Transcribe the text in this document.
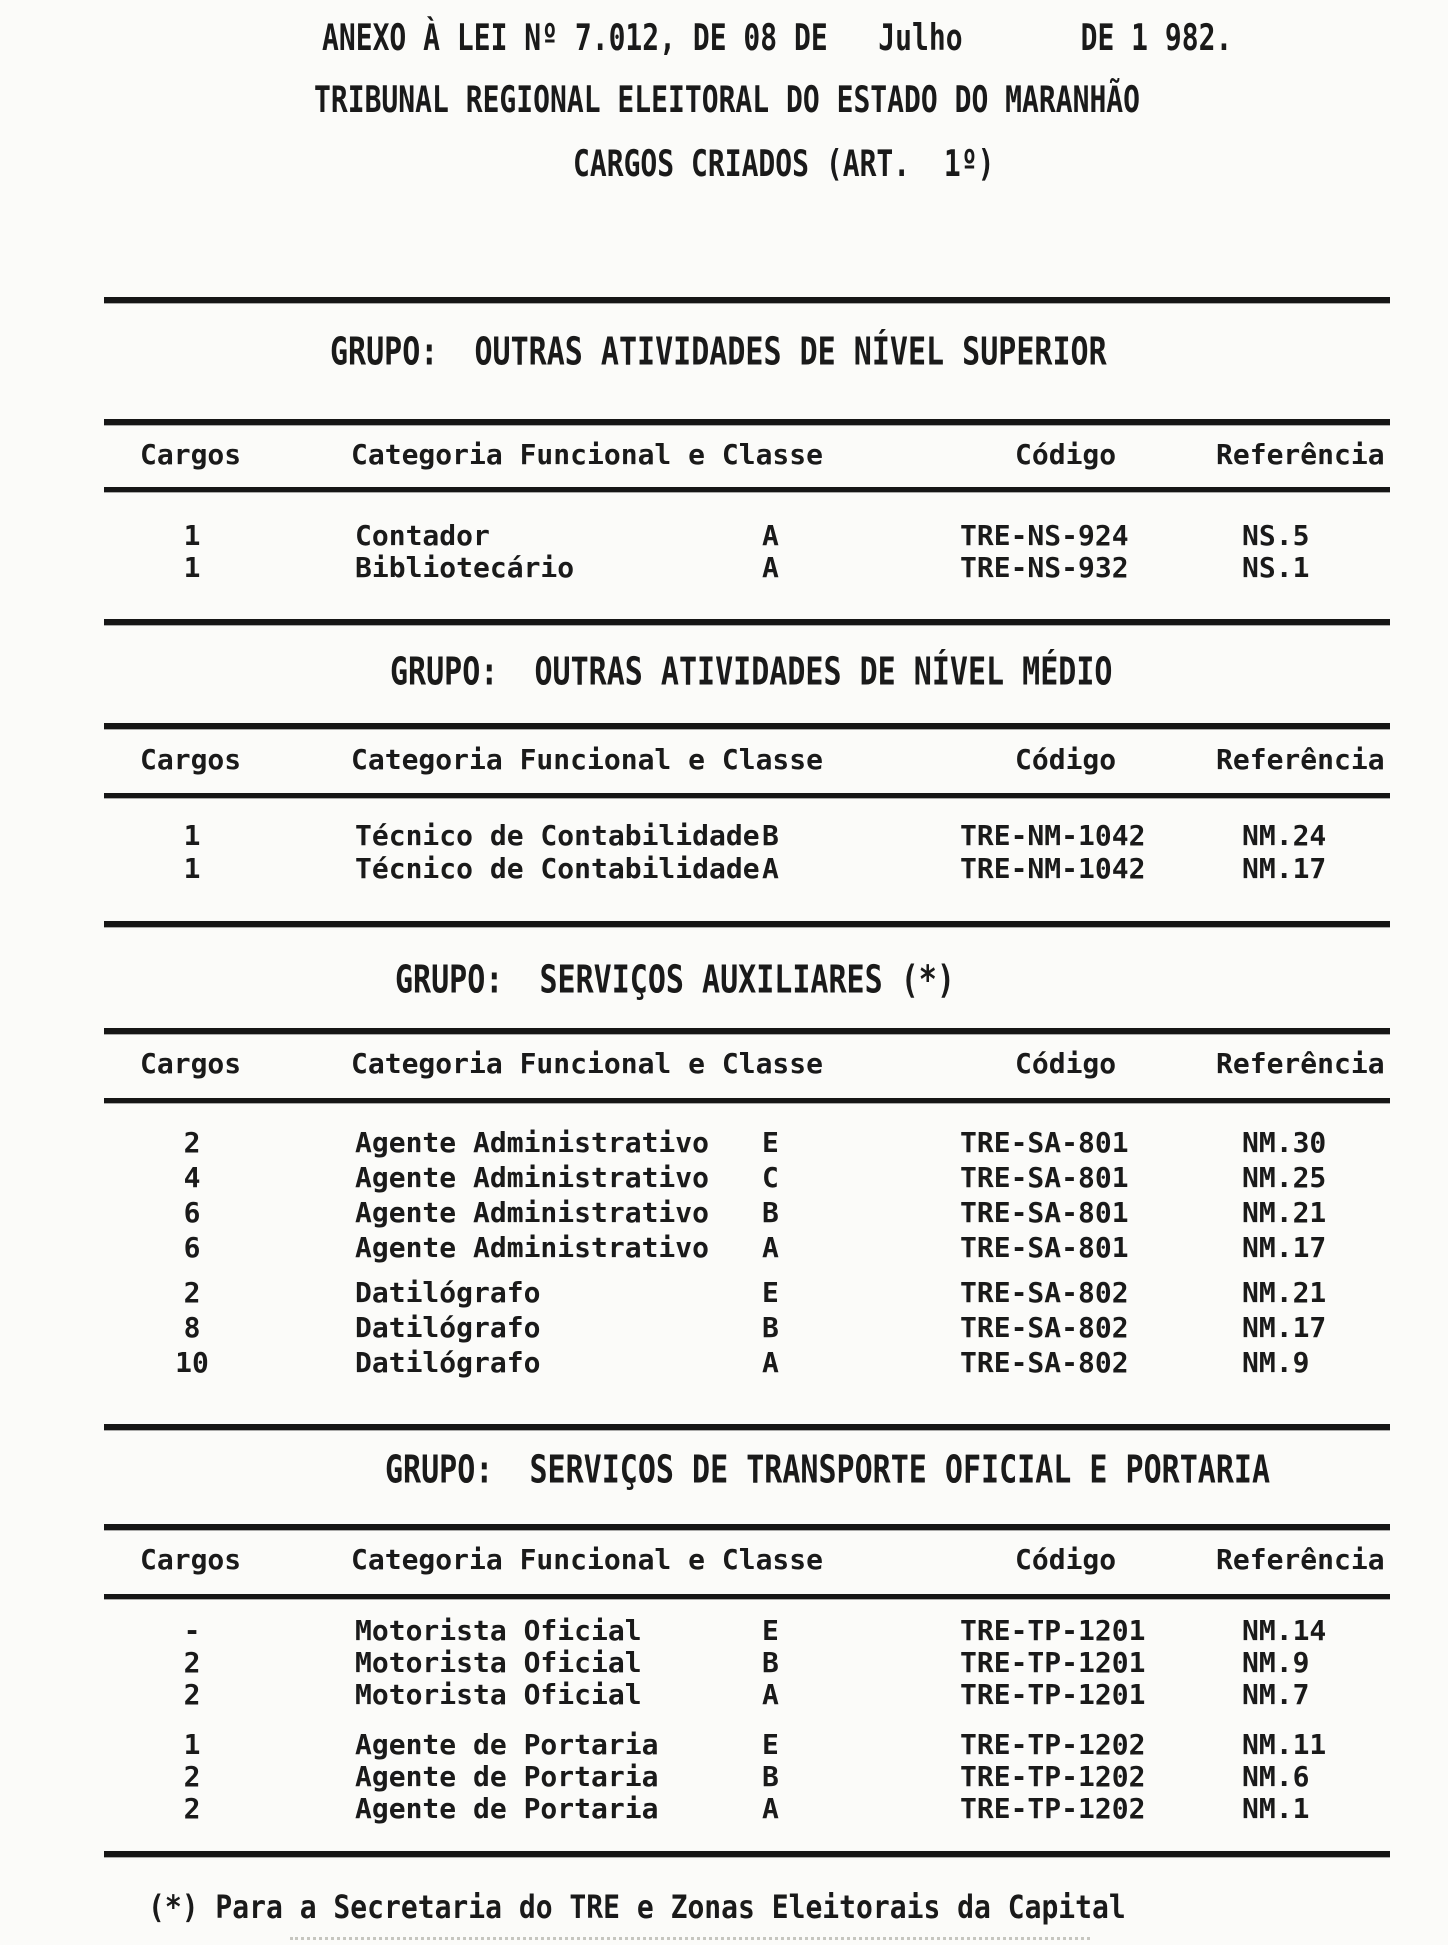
ANEXO À LEI Nº 7.012, DE 08 DE   Julho       DE 1 982.
TRIBUNAL REGIONAL ELEITORAL DO ESTADO DO MARANHÃO
CARGOS CRIADOS (ART.  1º)
GRUPO:  OUTRAS ATIVIDADES DE NÍVEL SUPERIOR
Cargos	Categoria Funcional e Classe	Código	Referência
1	Contador	A	TRE-NS-924	NS.5
1	Bibliotecário	A	TRE-NS-932	NS.1
GRUPO:  OUTRAS ATIVIDADES DE NÍVEL MÉDIO
Cargos	Categoria Funcional e Classe	Código	Referência
1	Técnico de Contabilidade B	TRE-NM-1042	NM.24
1	Técnico de Contabilidade A	TRE-NM-1042	NM.17
GRUPO:  SERVIÇOS AUXILIARES (*)
Cargos	Categoria Funcional e Classe	Código	Referência
2	Agente Administrativo	E	TRE-SA-801	NM.30
4	Agente Administrativo	C	TRE-SA-801	NM.25
6	Agente Administrativo	B	TRE-SA-801	NM.21
6	Agente Administrativo	A	TRE-SA-801	NM.17
2	Datilógrafo	E	TRE-SA-802	NM.21
8	Datilógrafo	B	TRE-SA-802	NM.17
10	Datilógrafo	A	TRE-SA-802	NM.9
GRUPO:  SERVIÇOS DE TRANSPORTE OFICIAL E PORTARIA
Cargos	Categoria Funcional e Classe	Código	Referência
-	Motorista Oficial	E	TRE-TP-1201	NM.14
2	Motorista Oficial	B	TRE-TP-1201	NM.9
2	Motorista Oficial	A	TRE-TP-1201	NM.7
1	Agente de Portaria	E	TRE-TP-1202	NM.11
2	Agente de Portaria	B	TRE-TP-1202	NM.6
2	Agente de Portaria	A	TRE-TP-1202	NM.1
(*) Para a Secretaria do TRE e Zonas Eleitorais da Capital
